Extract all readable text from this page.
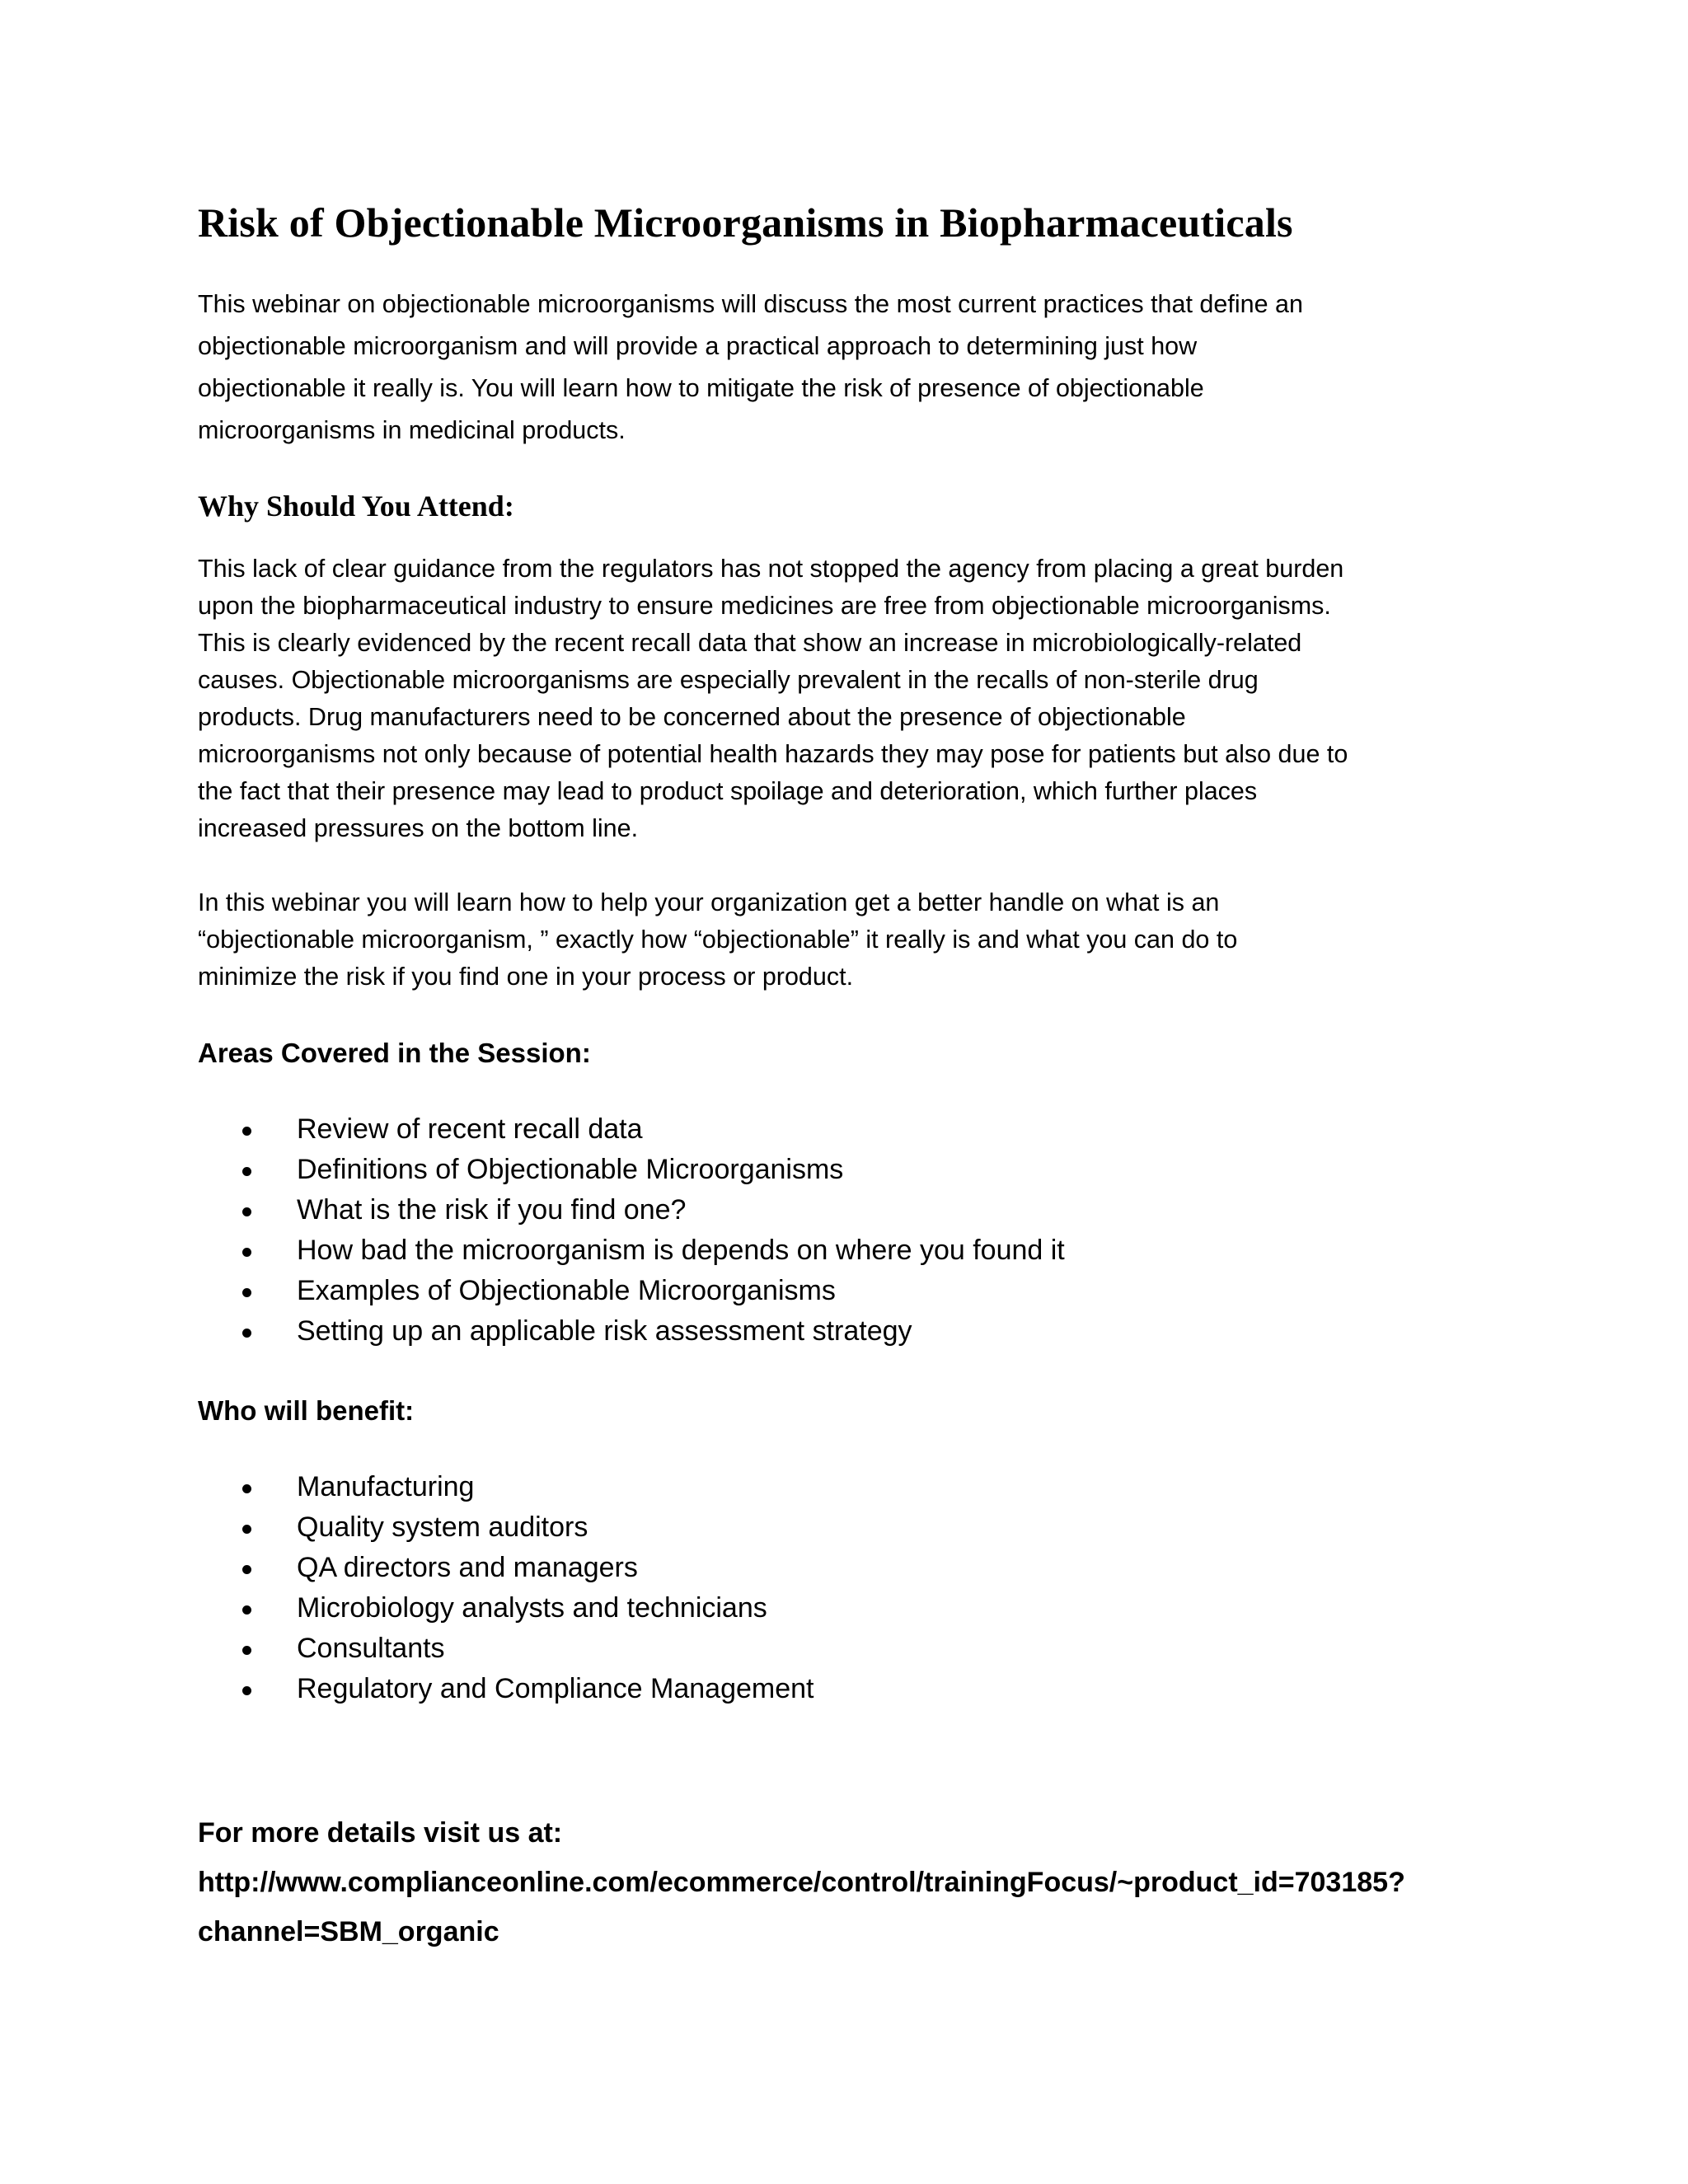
Risk of Objectionable Microorganisms in Biopharmaceuticals
This webinar on objectionable microorganisms will discuss the most current practices that define an
objectionable microorganism and will provide a practical approach to determining just how
objectionable it really is. You will learn how to mitigate the risk of presence of objectionable
microorganisms in medicinal products.
Why Should You Attend:
This lack of clear guidance from the regulators has not stopped the agency from placing a great burden
upon the biopharmaceutical industry to ensure medicines are free from objectionable microorganisms.
This is clearly evidenced by the recent recall data that show an increase in microbiologically-related
causes. Objectionable microorganisms are especially prevalent in the recalls of non-sterile drug
products. Drug manufacturers need to be concerned about the presence of objectionable
microorganisms not only because of potential health hazards they may pose for patients but also due to
the fact that their presence may lead to product spoilage and deterioration, which further places
increased pressures on the bottom line.
In this webinar you will learn how to help your organization get a better handle on what is an
“objectionable microorganism, ” exactly how “objectionable” it really is and what you can do to
minimize the risk if you find one in your process or product.
Areas Covered in the Session:
Review of recent recall data
Definitions of Objectionable Microorganisms
What is the risk if you find one?
How bad the microorganism is depends on where you found it
Examples of Objectionable Microorganisms
Setting up an applicable risk assessment strategy
Who will benefit:
Manufacturing
Quality system auditors
QA directors and managers
Microbiology analysts and technicians
Consultants
Regulatory and Compliance Management
For more details visit us at:
http://www.complianceonline.com/ecommerce/control/trainingFocus/~product_id=703185?
channel=SBM_organic
